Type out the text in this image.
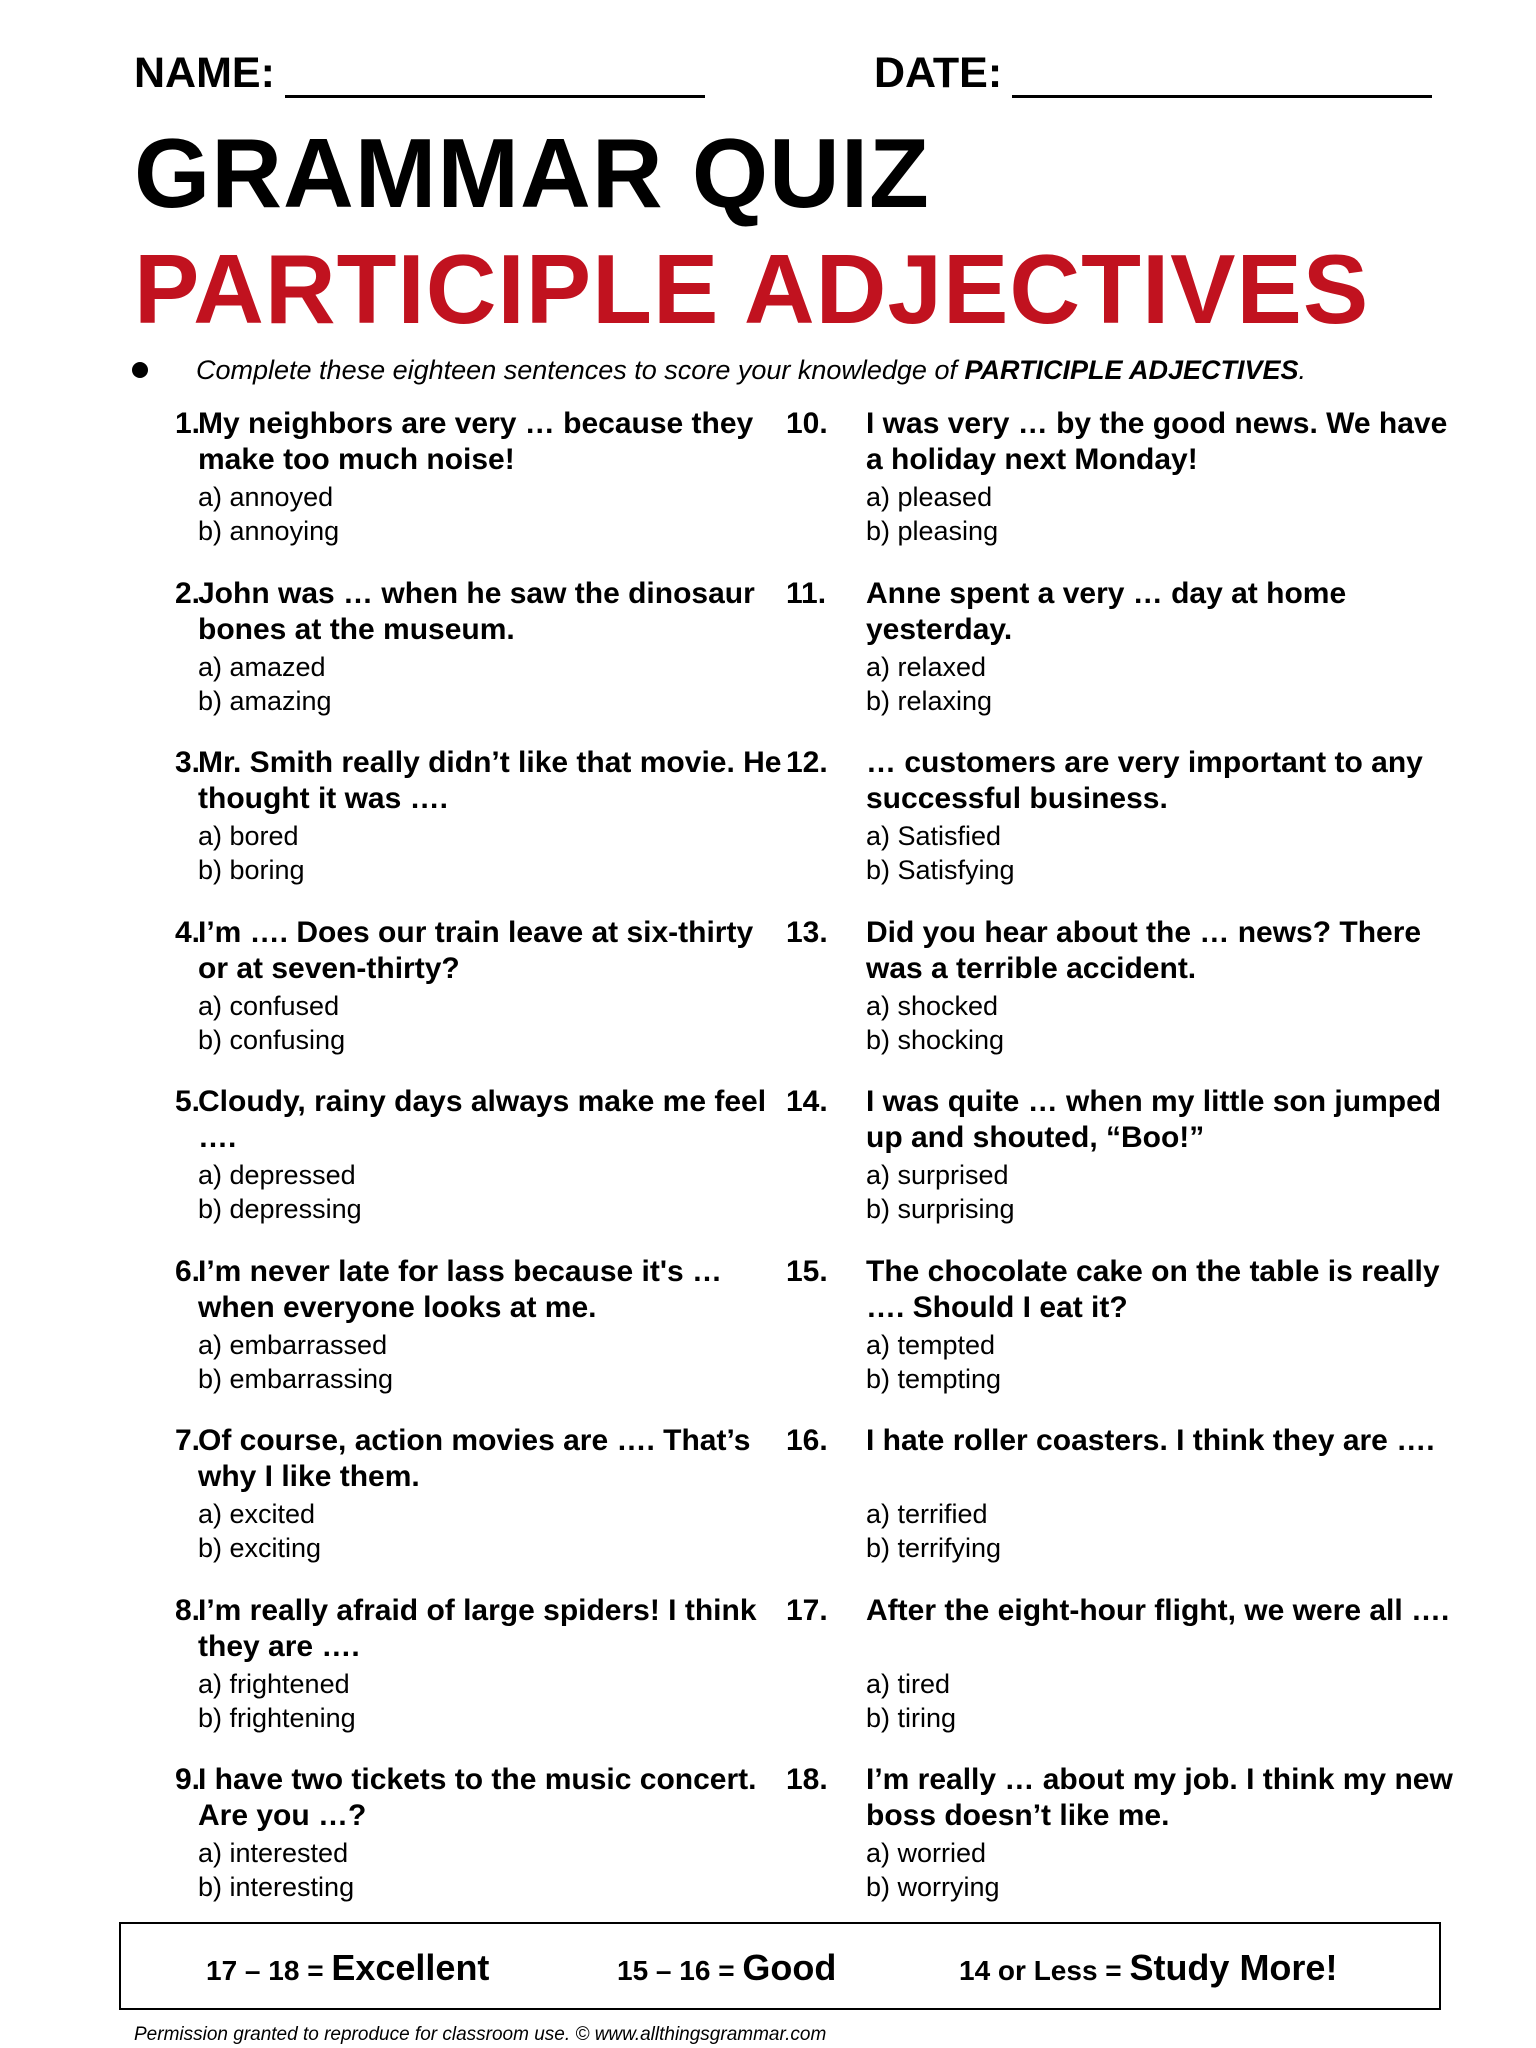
NAME:	DATE:
GRAMMAR QUIZ
PARTICIPLE ADJECTIVES
Complete these eighteen sentences to score your knowledge of PARTICIPLE ADJECTIVES.
1.
My neighbors are very … because they make too much noise!
a) annoyed
b) annoying
2.
John was … when he saw the dinosaur bones at the museum.
a) amazed
b) amazing
3.
Mr. Smith really didn’t like that movie. He thought it was ….
a) bored
b) boring
4.
I’m …. Does our train leave at six-thirty or at seven-thirty?
a) confused
b) confusing
5.
Cloudy, rainy days always make me feel ….
a) depressed
b) depressing
6.
I’m never late for lass because it's … when everyone looks at me.
a) embarrassed
b) embarrassing
7.
Of course, action movies are …. That’s why I like them.
a) excited
b) exciting
8.
I’m really afraid of large spiders! I think they are ….
a) frightened
b) frightening
9.
I have two tickets to the music concert. Are you …?
a) interested
b) interesting
10.	I was very … by the good news. We have a holiday next Monday!
a) pleased
b) pleasing
11.	Anne spent a very … day at home yesterday.
a) relaxed
b) relaxing
12.	… customers are very important to any successful business.
a) Satisfied
b) Satisfying
13.	Did you hear about the … news? There was a terrible accident.
a) shocked
b) shocking
14.	I was quite … when my little son jumped up and shouted, “Boo!”
a) surprised
b) surprising
15.	The chocolate cake on the table is really …. Should I eat it?
a) tempted
b) tempting
16.	I hate roller coasters. I think they are ….
a) terrified
b) terrifying
17.	After the eight-hour flight, we were all ….
a) tired
b) tiring
18.	I’m really … about my job. I think my new boss doesn’t like me.
a) worried
b) worrying
17 – 18 = Excellent	15 – 16 = Good	14 or Less = Study More!
Permission granted to reproduce for classroom use. © www.allthingsgrammar.com
